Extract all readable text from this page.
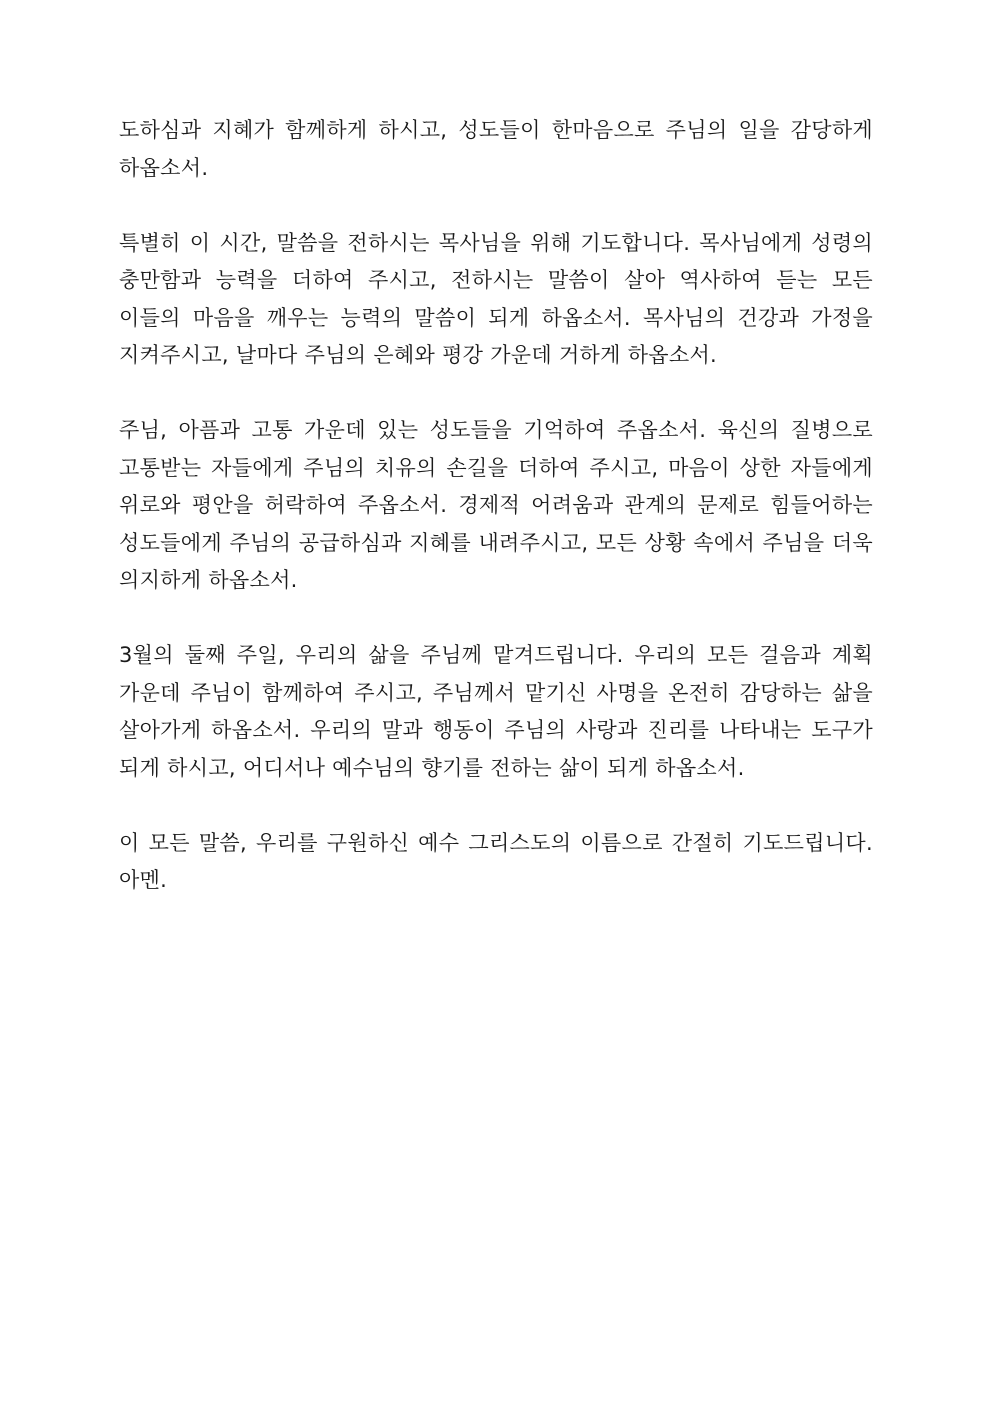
도하심과 지혜가 함께하게 하시고, 성도들이 한마음으로 주님의 일을 감당하게 하옵소서.

특별히 이 시간, 말씀을 전하시는 목사님을 위해 기도합니다. 목사님에게 성령의 충만함과 능력을 더하여 주시고, 전하시는 말씀이 살아 역사하여 듣는 모든 이들의 마음을 깨우는 능력의 말씀이 되게 하옵소서. 목사님의 건강과 가정을 지켜주시고, 날마다 주님의 은혜와 평강 가운데 거하게 하옵소서.

주님, 아픔과 고통 가운데 있는 성도들을 기억하여 주옵소서. 육신의 질병으로 고통받는 자들에게 주님의 치유의 손길을 더하여 주시고, 마음이 상한 자들에게 위로와 평안을 허락하여 주옵소서. 경제적 어려움과 관계의 문제로 힘들어하는 성도들에게 주님의 공급하심과 지혜를 내려주시고, 모든 상황 속에서 주님을 더욱 의지하게 하옵소서.

3월의 둘째 주일, 우리의 삶을 주님께 맡겨드립니다. 우리의 모든 걸음과 계획 가운데 주님이 함께하여 주시고, 주님께서 맡기신 사명을 온전히 감당하는 삶을 살아가게 하옵소서. 우리의 말과 행동이 주님의 사랑과 진리를 나타내는 도구가 되게 하시고, 어디서나 예수님의 향기를 전하는 삶이 되게 하옵소서.

이 모든 말씀, 우리를 구원하신 예수 그리스도의 이름으로 간절히 기도드립니다. 아멘.
